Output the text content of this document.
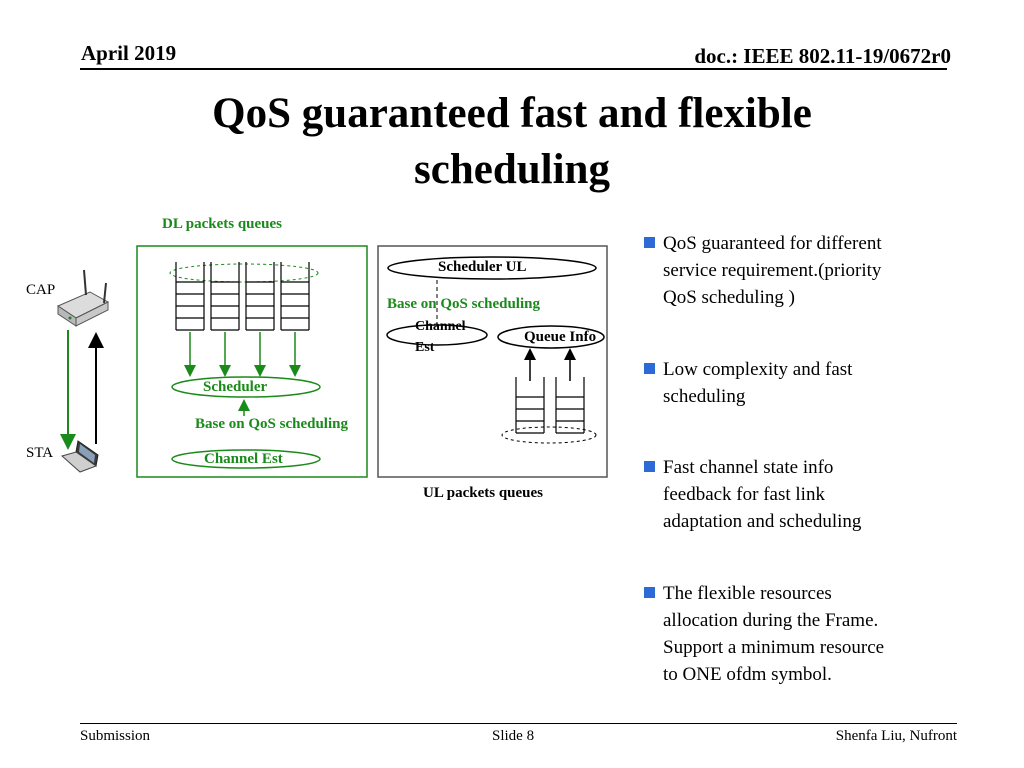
April 2019	doc.: IEEE 802.11-19/0672r0
QoS guaranteed fast and flexible
scheduling
DL packets queues
CAP
STA
Scheduler
Base on QoS scheduling
Channel Est
Scheduler UL
Base on QoS scheduling
Channel
Est
Queue Info
UL packets queues
QoS guaranteed for different
service requirement.(priority
QoS scheduling )
Low complexity and fast
scheduling
Fast channel state info
feedback for fast link
adaptation and scheduling
The flexible resources
allocation during the Frame.
Support a minimum resource
to ONE ofdm symbol.
Submission	Slide 8	Shenfa Liu, Nufront
